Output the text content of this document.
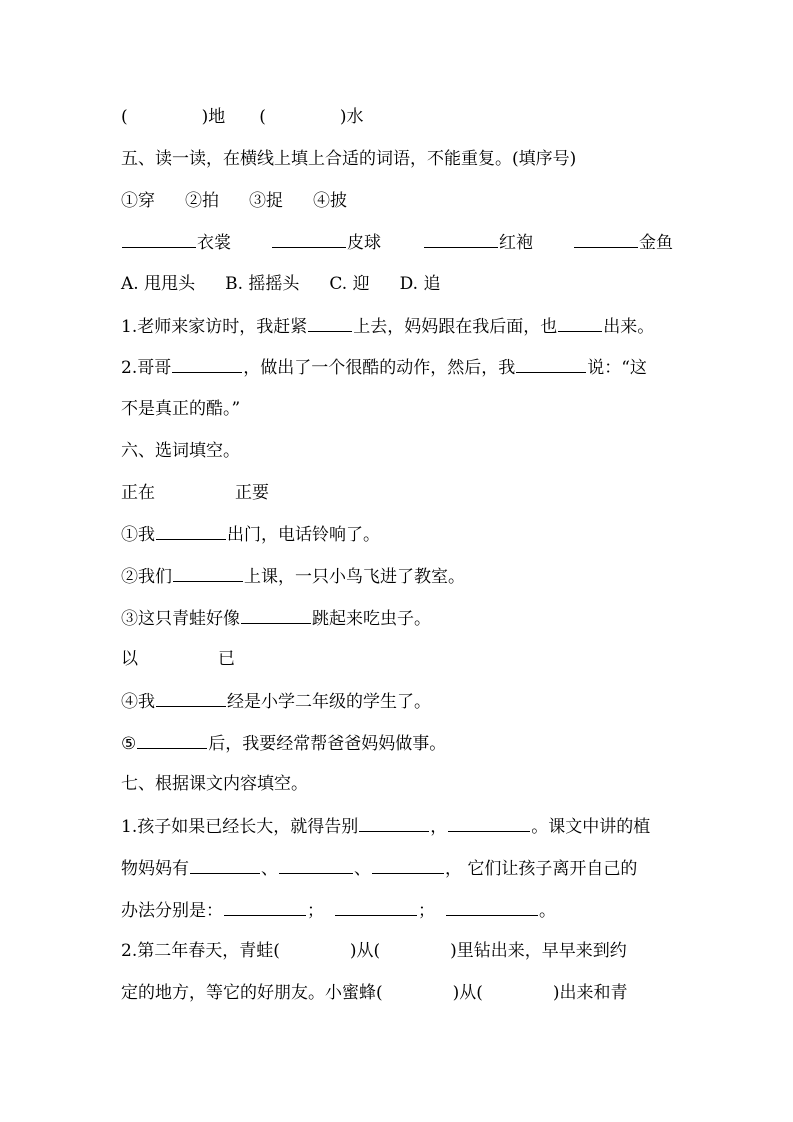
(	)地 (	)水
五、读一读，在横线上填上合适的词语，不能重复。(填序号)
①穿 ②拍 ③捉 ④披
衣裳	皮球	红袍	金鱼
A. 甩甩头 B. 摇摇头 C. 迎 D. 追
1.老师来家访时，我赶紧	上去，妈妈跟在我后面，也	出来。
2.哥哥	，做出了一个很酷的动作，然后，我	说：“这
不是真正的酷。”
六、选词填空。
正在	正要
①我	出门，电话铃响了。
②我们	上课，一只小鸟飞进了教室。
③这只青蛙好像	跳起来吃虫子。
以	已
④我	经是小学二年级的学生了。
⑤	后，我要经常帮爸爸妈妈做事。
七、根据课文内容填空。
1.孩子如果已经长大，就得告别	，	。课文中讲的植
物妈妈有	、	、	， 它们让孩子离开自己的
办法分别是：	；	；	。
2.第二年春天，青蛙(	)从(	)里钻出来，早早来到约
定的地方，等它的好朋友。小蜜蜂(	)从(	)出来和青
